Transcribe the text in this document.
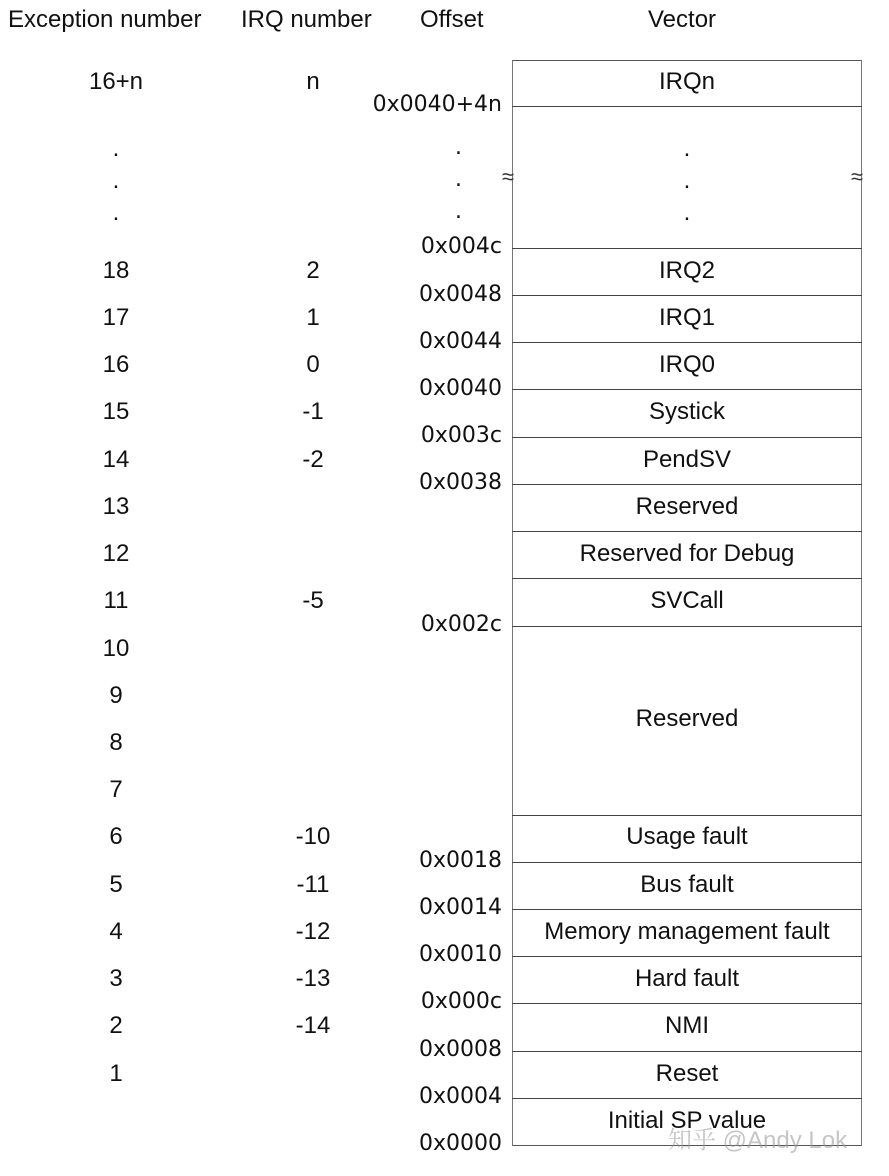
Exception number IRQ number Offset	Vector
≈	≈
16+n
.
.
.
18
17
16
15
14
13
12
11
10
9
8
7
6
5
4
3
2
1
n
2
1
0
-1
-2
-5
-10
-11
-12
-13
-14
0x0040+4n
.
.
.
0x004c
0x0048
0x0044
0x0040
0x003c
0x0038
0x002c
0x0018
0x0014
0x0010
0x000c
0x0008
0x0004
0x0000
IRQn
.
.
.
IRQ2
IRQ1
IRQ0
Systick
PendSV
Reserved
Reserved for Debug
SVCall
Reserved
Usage fault
Bus fault
Memory management fault
Hard fault
NMI
Reset
Initial SP value
知乎 @Andy Lok
